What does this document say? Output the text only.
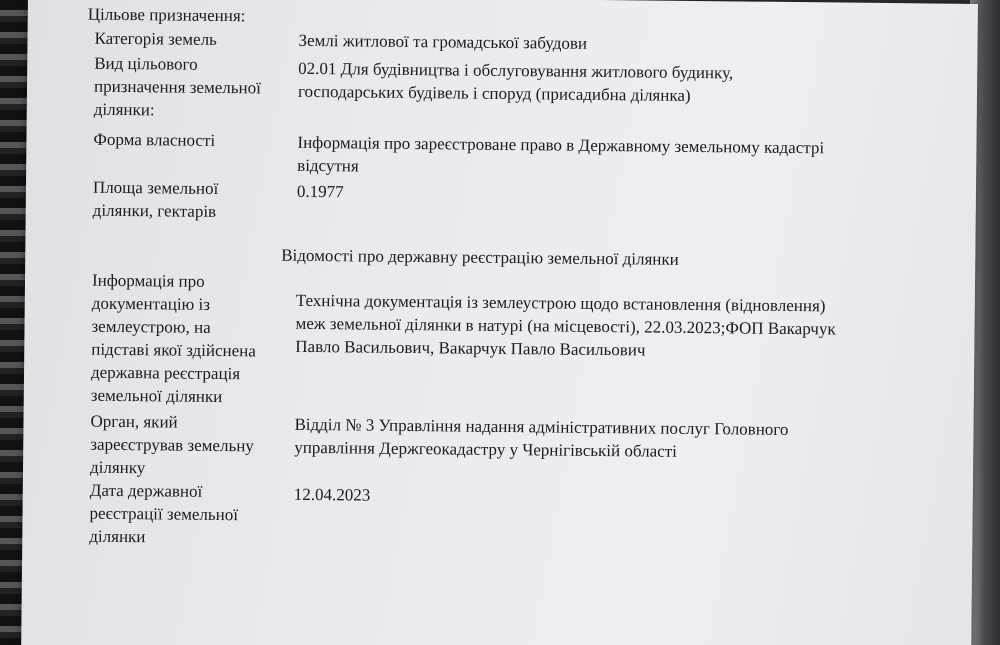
Цільове призначення:
Категорія земель	Землі житлової та громадської забудови
Вид цільового
призначення земельної
ділянки:
02.01 Для будівництва і обслуговування житлового будинку,
господарських будівель і споруд (присадибна ділянка)
Форма власності	Інформація про зареєстроване право в Державному земельному кадастрі
відсутня
Площа земельної
ділянки, гектарів
0.1977
Відомості про державну реєстрацію земельної ділянки
Інформація про
документацію із
землеустрою, на
підставі якої здійснена
державна реєстрація
земельної ділянки
Технічна документація із землеустрою щодо встановлення (відновлення)
меж земельної ділянки в натурі (на місцевості), 22.03.2023;ФОП Вакарчук
Павло Васильович, Вакарчук Павло Васильович
Орган, який
зареєстрував земельну
ділянку
Відділ № 3 Управління надання адміністративних послуг Головного
управління Держгеокадастру у Чернігівській області
Дата державної
реєстрації земельної
ділянки
12.04.2023
